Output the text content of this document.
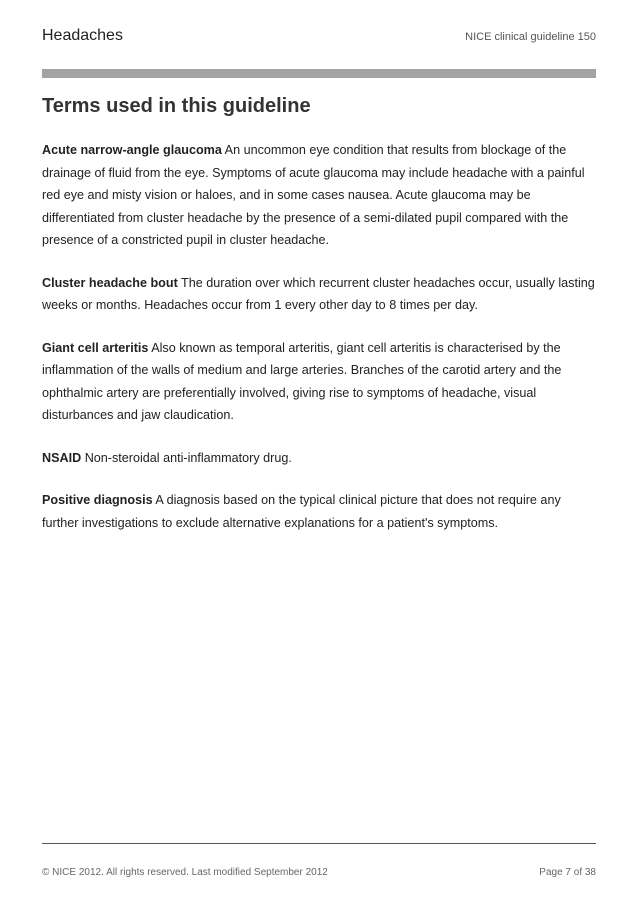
Headaches	NICE clinical guideline 150
Terms used in this guideline

Acute narrow-angle glaucoma An uncommon eye condition that results from blockage of the drainage of fluid from the eye. Symptoms of acute glaucoma may include headache with a painful red eye and misty vision or haloes, and in some cases nausea. Acute glaucoma may be differentiated from cluster headache by the presence of a semi-dilated pupil compared with the presence of a constricted pupil in cluster headache.

Cluster headache bout The duration over which recurrent cluster headaches occur, usually lasting weeks or months. Headaches occur from 1 every other day to 8 times per day.

Giant cell arteritis Also known as temporal arteritis, giant cell arteritis is characterised by the inflammation of the walls of medium and large arteries. Branches of the carotid artery and the ophthalmic artery are preferentially involved, giving rise to symptoms of headache, visual disturbances and jaw claudication.

NSAID Non-steroidal anti-inflammatory drug.

Positive diagnosis A diagnosis based on the typical clinical picture that does not require any further investigations to exclude alternative explanations for a patient's symptoms.

© NICE 2012. All rights reserved. Last modified September 2012	Page 7 of 38
